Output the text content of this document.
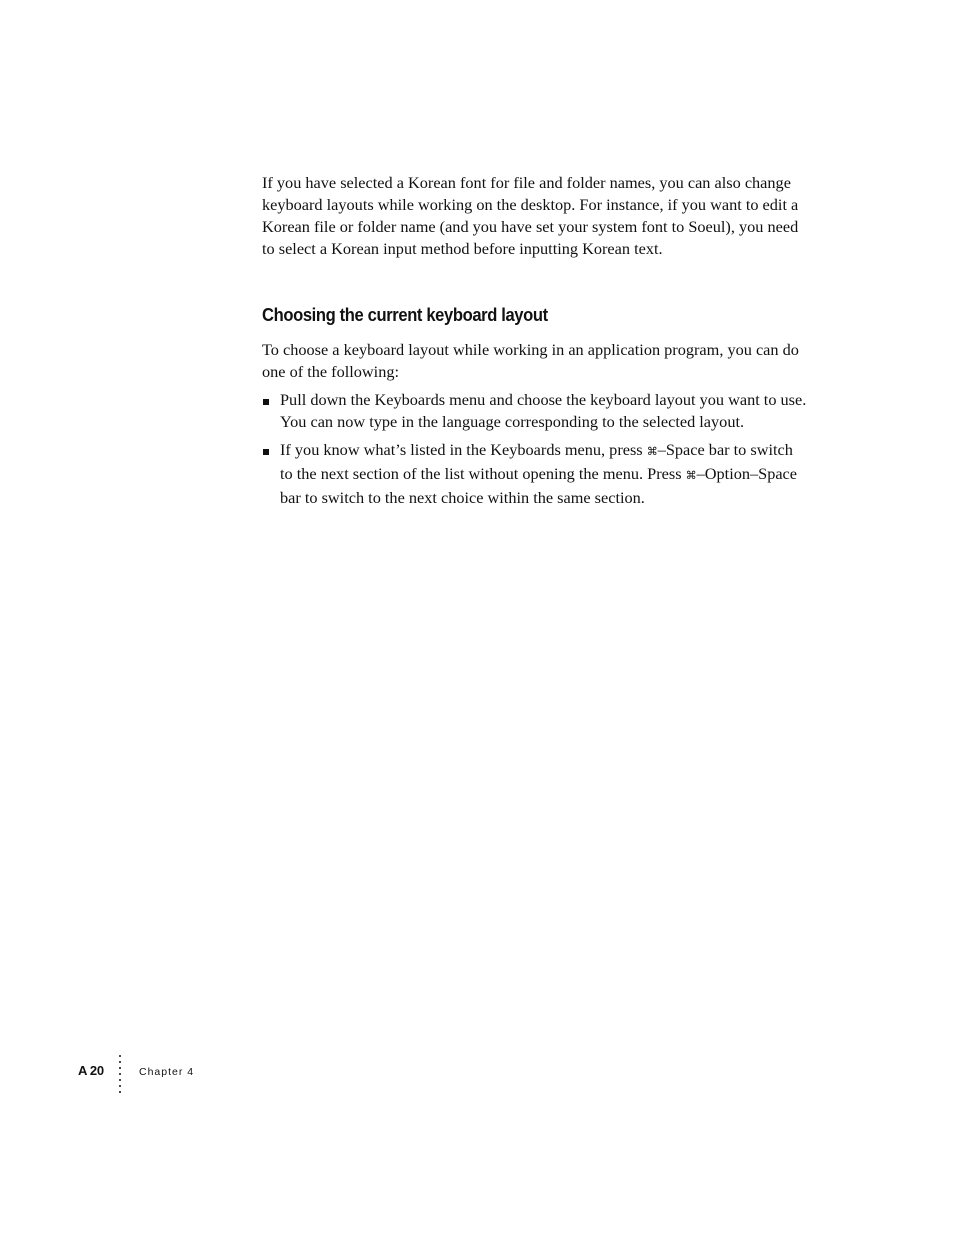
If you have selected a Korean font for file and folder names, you can also change keyboard layouts while working on the desktop. For instance, if you want to edit a Korean file or folder name (and you have set your system font to Soeul), you need to select a Korean input method before inputting Korean text.

Choosing the current keyboard layout

To choose a keyboard layout while working in an application program, you can do one of the following:

Pull down the Keyboards menu and choose the keyboard layout you want to use. You can now type in the language corresponding to the selected layout.
If you know what’s listed in the Keyboards menu, press ⌘–Space bar to switch to the next section of the list without opening the menu. Press ⌘–Option–Space bar to switch to the next choice within the same section.
A 20	Chapter 4
